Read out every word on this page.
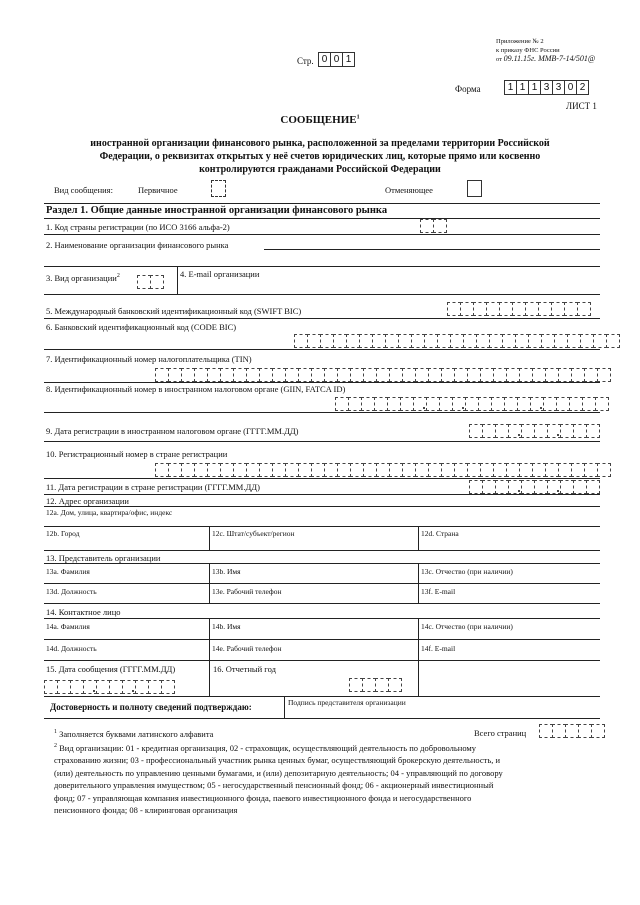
Приложение № 2
к приказу ФНС России
от 09.11.15г. ММВ-7-14/501@
Стр. 0 0 1
Форма	1 1 1 3 3 0 2
ЛИСТ 1
СООБЩЕНИЕ$^1$
иностранной организации финансового рынка, расположенной за пределами территории Российской
Федерации, о реквизитах открытых у неё счетов юридических лиц, которые прямо или косвенно
контролируются гражданами Российской Федерации
Вид сообщения:	Первичное	Отменяющее
Раздел 1. Общие данные иностранной организации финансового рынка
1. Код страны регистрации (по ИСО 3166 альфа-2)
2. Наименование организации финансового рынка
3. Вид организации$^2$	4. E-mail организации
5. Международный банковский идентификационный код (SWIFT BIC)
6. Банковский идентификационный код (CODE BIC)
7. Идентификационный номер налогоплательщика (TIN)
8. Идентификационный номер в иностранном налоговом органе (GIIN, FATCA ID)
9. Дата регистрации в иностранном налоговом органе (ГГГГ.ММ.ДД)
10. Регистрационный номер в стране регистрации
11. Дата регистрации в стране регистрации (ГГГГ.ММ.ДД)
12. Адрес организации
12а. Дом, улица, квартира/офис, индекс
12b. Город	12с. Штат/субъект/регион	12d. Страна
13. Представитель организации
13а. Фамилия	13b. Имя	13с. Отчество (при наличии)
13d. Должность	13е. Рабочий телефон	13f. E-mail
14. Контактное лицо
14а. Фамилия	14b. Имя	14с. Отчество (при наличии)
14d. Должность	14е. Рабочий телефон	14f. E-mail
15. Дата сообщения (ГГГГ.ММ.ДД)	16. Отчетный год
Достоверность и полноту сведений подтверждаю:	Подпись представителя организации
$^1$ Заполняется буквами латинского алфавита	Всего страниц
$^2$ Вид организации: 01 - кредитная организация, 02 - страховщик, осуществляющий деятельность по добровольному
страхованию жизни; 03 - профессиональный участник рынка ценных бумаг, осуществляющий брокерскую деятельность, и
(или) деятельность по управлению ценными бумагами, и (или) депозитарную деятельность; 04 - управляющий по договору
доверительного управления имуществом; 05 - негосударственный пенсионный фонд; 06 - акционерный инвестиционный
фонд; 07 - управляющая компания инвестиционного фонда, паевого инвестиционного фонда и негосударственного
пенсионного фонда; 08 - клиринговая организация
